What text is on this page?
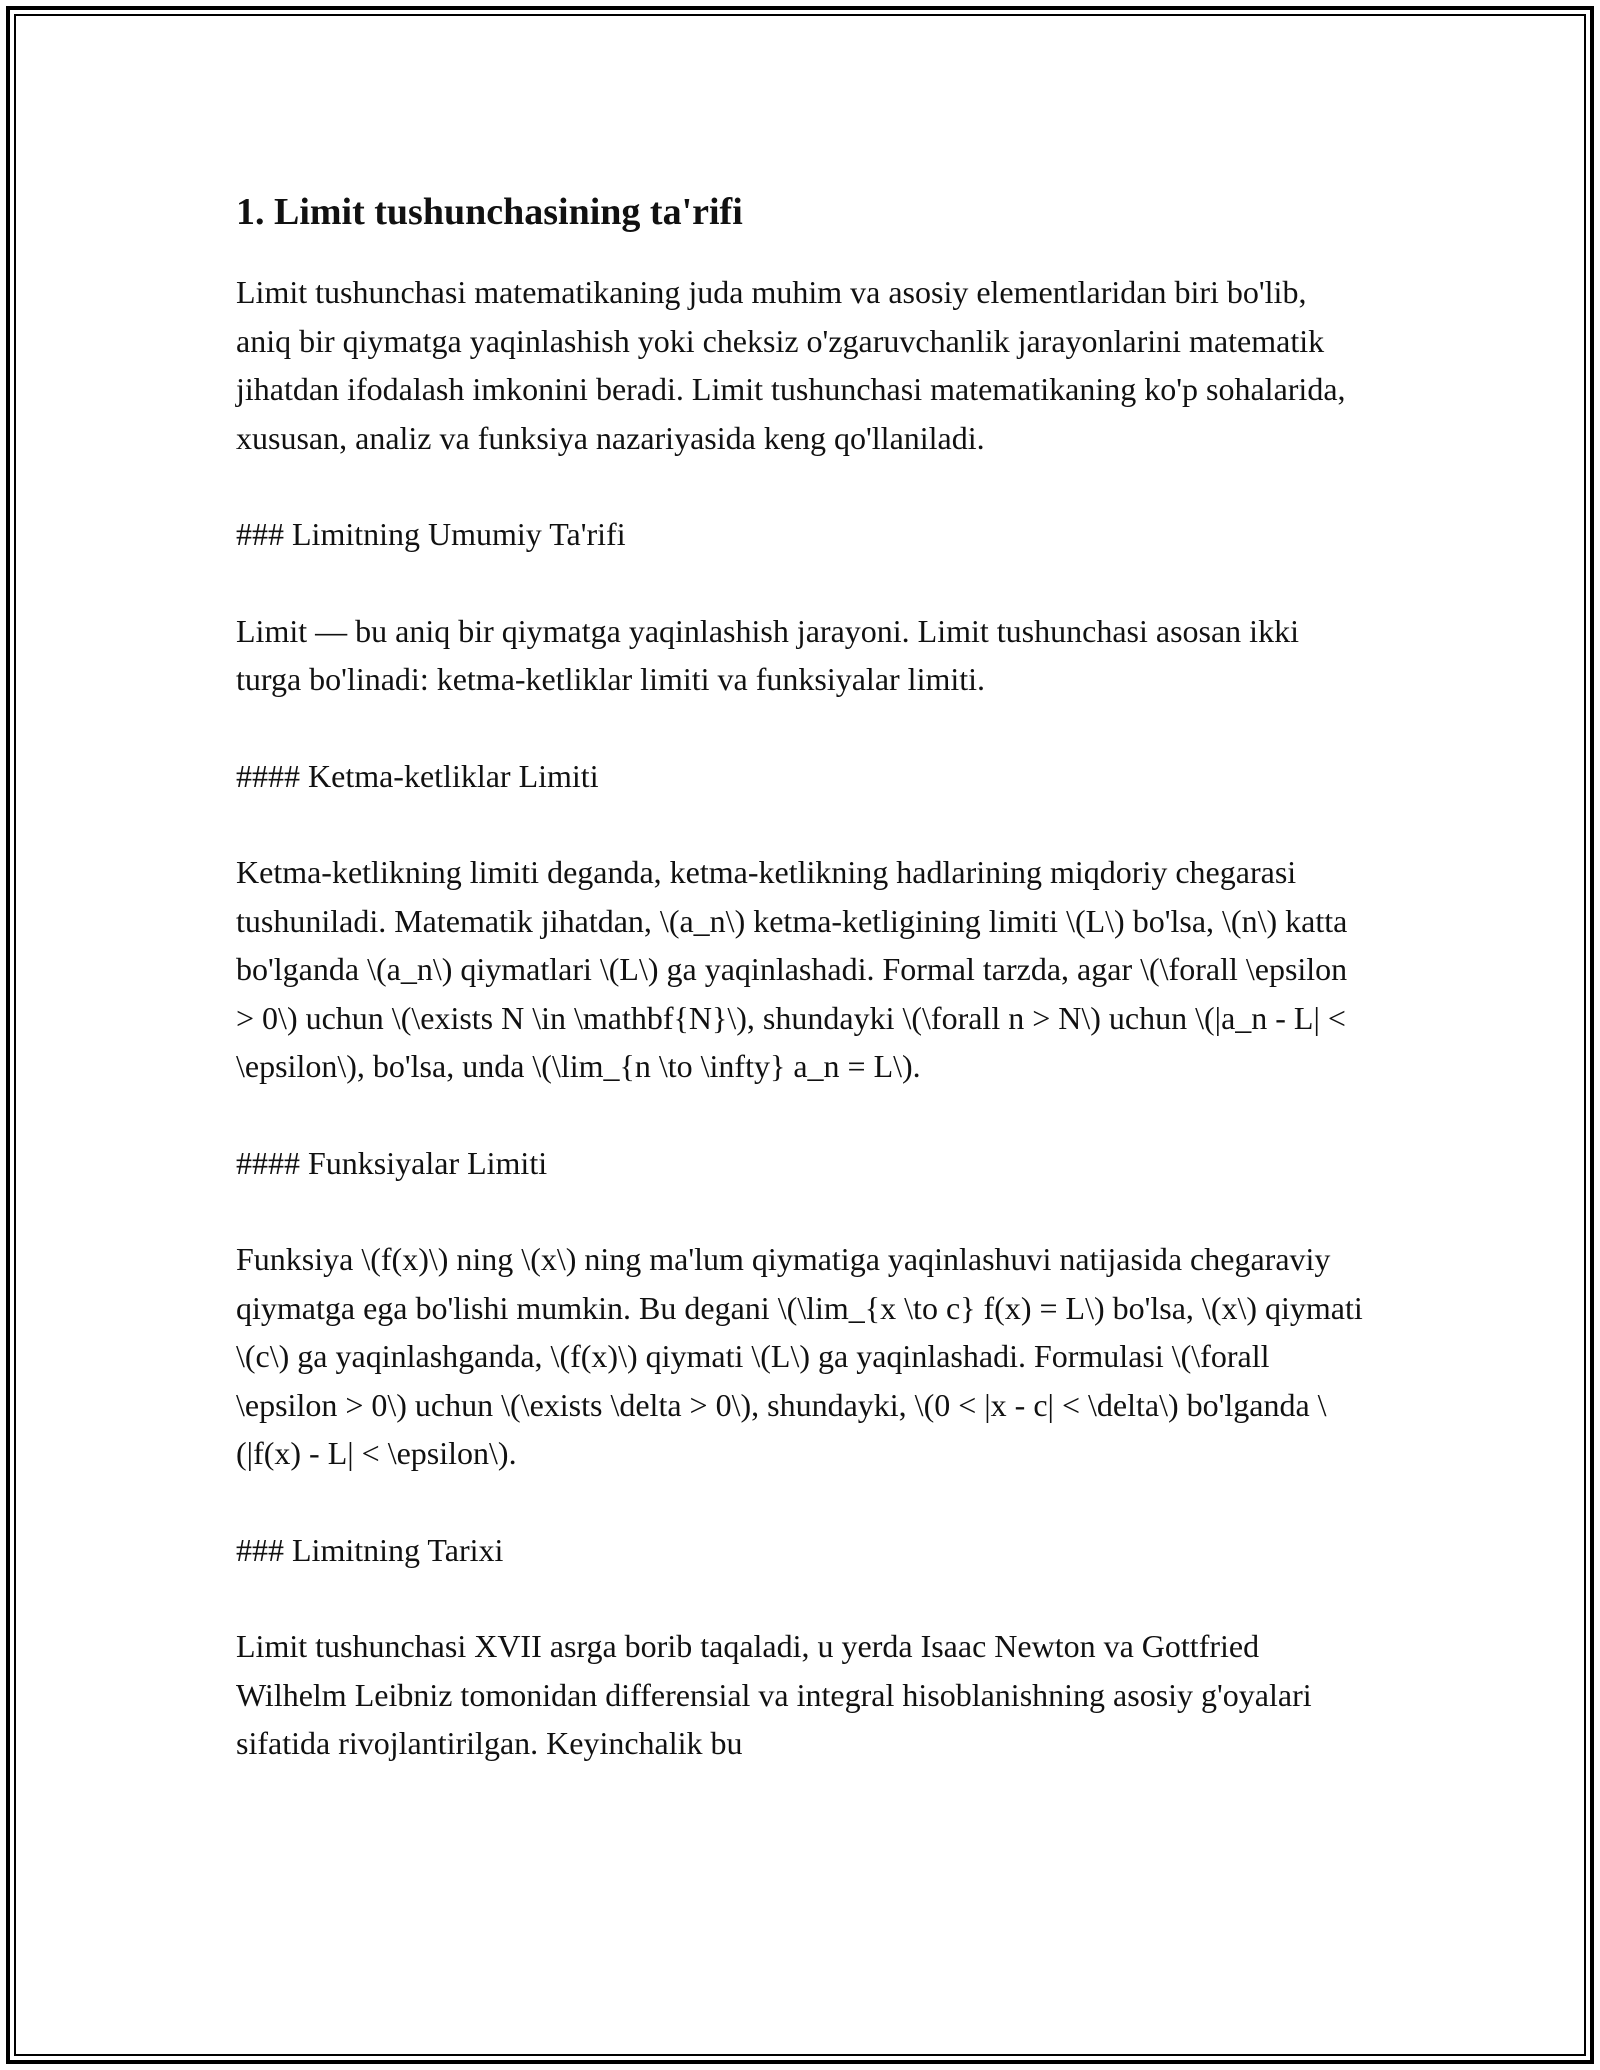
1. Limit tushunchasining ta'rifi

Limit tushunchasi matematikaning juda muhim va asosiy elementlaridan biri bo'lib, aniq bir qiymatga yaqinlashish yoki cheksiz o'zgaruvchanlik jarayonlarini matematik jihatdan ifodalash imkonini beradi. Limit tushunchasi matematikaning ko'p sohalarida, xususan, analiz va funksiya nazariyasida keng qo'llaniladi.

### Limitning Umumiy Ta'rifi

Limit — bu aniq bir qiymatga yaqinlashish jarayoni. Limit tushunchasi asosan ikki turga bo'linadi: ketma-ketliklar limiti va funksiyalar limiti.

#### Ketma-ketliklar Limiti

Ketma-ketlikning limiti deganda, ketma-ketlikning hadlarining miqdoriy chegarasi tushuniladi. Matematik jihatdan, \(a_n\) ketma-ketligining limiti \(L\) bo'lsa, \(n\) katta bo'lganda \(a_n\) qiymatlari \(L\) ga yaqinlashadi. Formal tarzda, agar \(\forall \epsilon > 0\) uchun \(\exists N \in \mathbf{N}\), shundayki \(\forall n > N\) uchun \(|a_n - L| < \epsilon\), bo'lsa, unda \(\lim_{n \to \infty} a_n = L\).

#### Funksiyalar Limiti

Funksiya \(f(x)\) ning \(x\) ning ma'lum qiymatiga yaqinlashuvi natijasida chegaraviy qiymatga ega bo'lishi mumkin. Bu degani \(\lim_{x \to c} f(x) = L\) bo'lsa, \(x\) qiymati \(c\) ga yaqinlashganda, \(f(x)\) qiymati \(L\) ga yaqinlashadi. Formulasi \(\forall \epsilon > 0\) uchun \(\exists \delta > 0\), shundayki, \(0 < |x - c| < \delta\) bo'lganda \(|f(x) - L| < \epsilon\).

### Limitning Tarixi

Limit tushunchasi XVII asrga borib taqaladi, u yerda Isaac Newton va Gottfried Wilhelm Leibniz tomonidan differensial va integral hisoblanishning asosiy g'oyalari sifatida rivojlantirilgan. Keyinchalik bu
